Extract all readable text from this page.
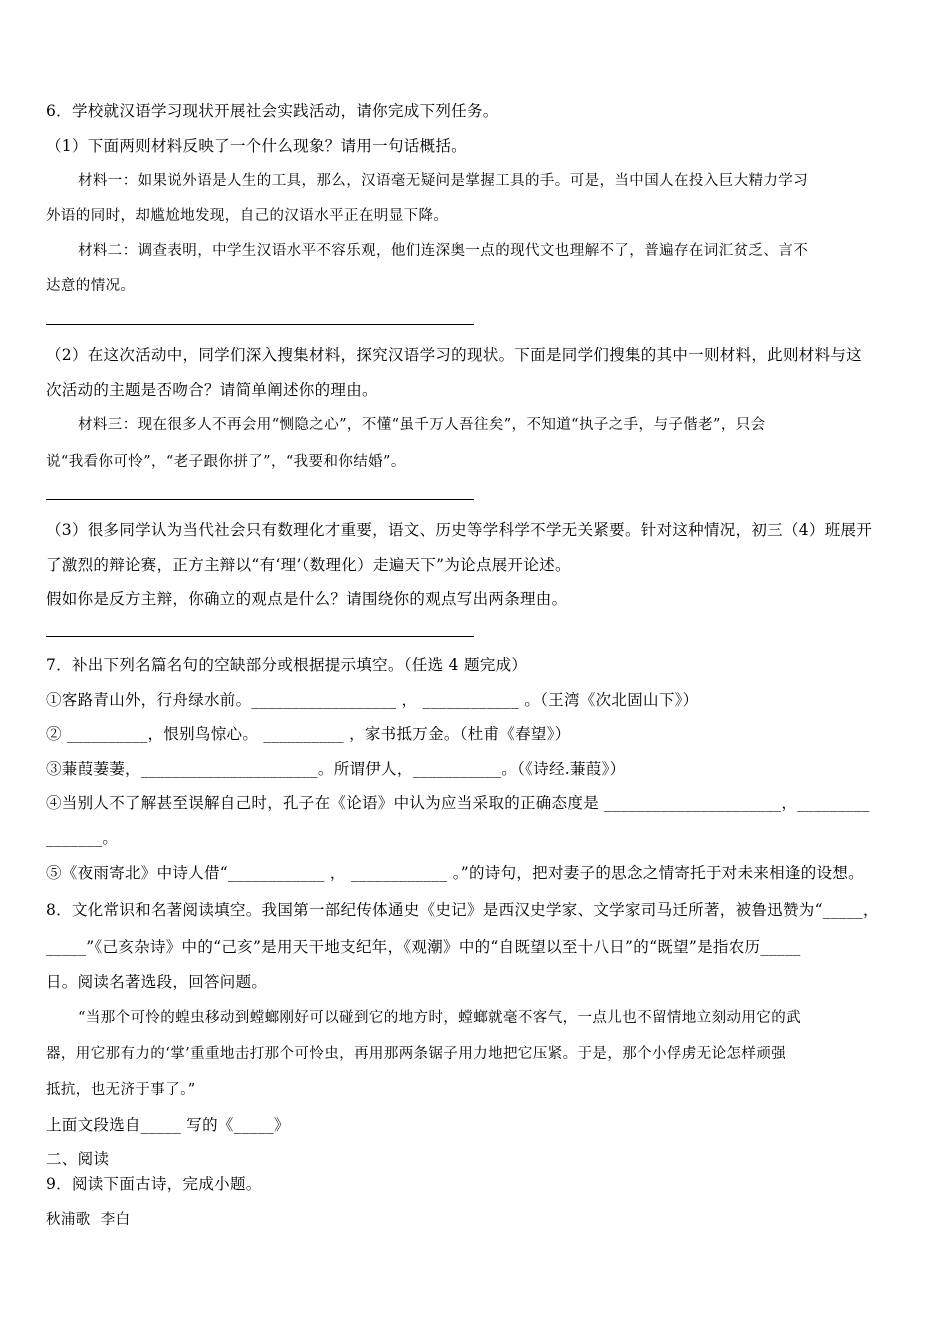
6．学校就汉语学习现状开展社会实践活动，请你完成下列任务。
（1）下面两则材料反映了一个什么现象？请用一句话概括。
材料一：如果说外语是人生的工具，那么，汉语毫无疑问是掌握工具的手。可是，当中国人在投入巨大精力学习
外语的同时，却尴尬地发现，自己的汉语水平正在明显下降。
材料二：调查表明，中学生汉语水平不容乐观，他们连深奥一点的现代文也理解不了，普遍存在词汇贫乏、言不
达意的情况。
（2）在这次活动中，同学们深入搜集材料，探究汉语学习的现状。下面是同学们搜集的其中一则材料，此则材料与这
次活动的主题是否吻合？请简单阐述你的理由。
材料三：现在很多人不再会用“恻隐之心”，不懂“虽千万人吾往矣”，不知道“执子之手，与子偕老”，只会
说“我看你可怜”，“老子跟你拼了”，“我要和你结婚”。
（3）很多同学认为当代社会只有数理化才重要，语文、历史等学科学不学无关紧要。针对这种情况，初三（4）班展开
了激烈的辩论赛，正方主辩以“有‘理’（数理化）走遍天下”为论点展开论述。
假如你是反方主辩，你确立的观点是什么？请围绕你的观点写出两条理由。
7．补出下列名篇名句的空缺部分或根据提示填空。（任选 4 题完成）
①客路青山外，行舟绿水前。__________________ ， ____________ 。（王湾《次北固山下》）
② __________，恨别鸟惊心。 __________ ，家书抵万金。（杜甫《春望》）
③蒹葭萋萋，______________________。所谓伊人，___________。（《诗经.蒹葭》）
④当别人不了解甚至误解自己时，孔子在《论语》中认为应当采取的正确态度是 ______________________，_________
_______。
⑤《夜雨寄北》中诗人借“____________ ， ____________ 。”的诗句，把对妻子的思念之情寄托于对未来相逢的设想。
8．文化常识和名著阅读填空。我国第一部纪传体通史《史记》是西汉史学家、文学家司马迁所著，被鲁迅赞为“_____，
_____”《己亥杂诗》中的“己亥”是用天干地支纪年，《观潮》中的“自既望以至十八日”的“既望”是指农历_____
日。阅读名著选段，回答问题。
“当那个可怜的蝗虫移动到螳螂刚好可以碰到它的地方时，螳螂就毫不客气，一点儿也不留情地立刻动用它的武
器，用它那有力的‘掌’重重地击打那个可怜虫，再用那两条锯子用力地把它压紧。于是，那个小俘虏无论怎样顽强
抵抗，也无济于事了。”
上面文段选自_____ 写的《_____》
二、阅读
9．阅读下面古诗，完成小题。
秋浦歌  李白
